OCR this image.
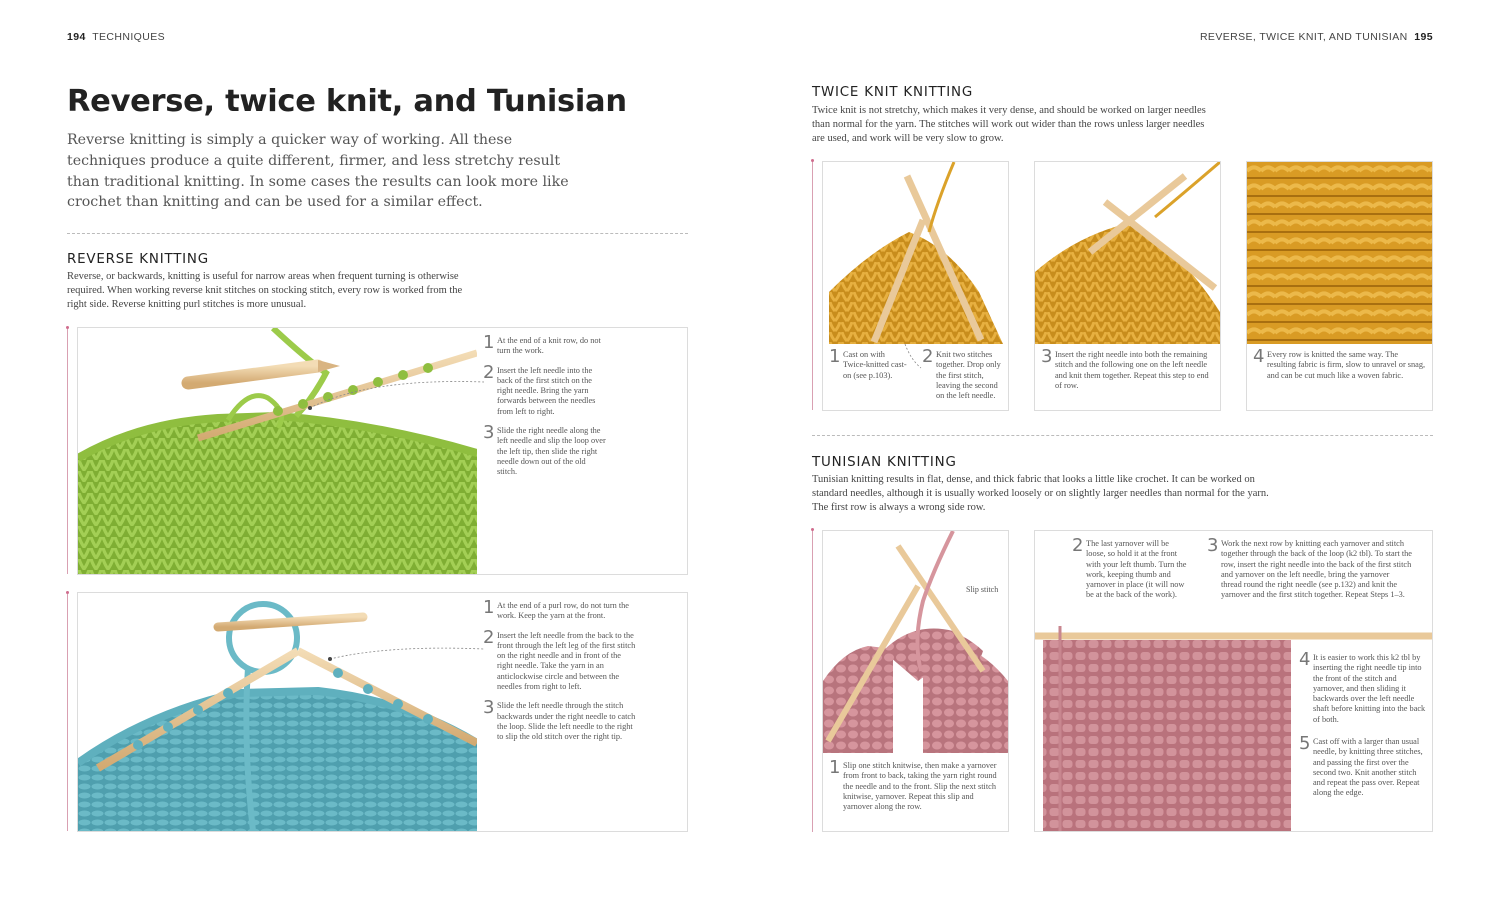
194 TECHNIQUES
Reverse, twice knit, and Tunisian
Reverse knitting is simply a quicker way of working. All these techniques produce a quite different, firmer, and less stretchy result than traditional knitting. In some cases the results can look more like crochet than knitting and can be used for a similar effect.
REVERSE KNITTING
Reverse, or backwards, knitting is useful for narrow areas when frequent turning is otherwise required. When working reverse knit stitches on stocking stitch, every row is worked from the right side. Reverse knitting purl stitches is more unusual.
1 At the end of a knit row, do not turn the work.
2 Insert the left needle into the back of the first stitch on the right needle. Bring the yarn forwards between the needles from left to right.
3 Slide the right needle along the left needle and slip the loop over the left tip, then slide the right needle down out of the old stitch.
1 At the end of a purl row, do not turn the work. Keep the yarn at the front.
2 Insert the left needle from the back to the front through the left leg of the first stitch on the right needle and in front of the right needle. Take the yarn in an anticlockwise circle and between the needles from right to left.
3 Slide the left needle through the stitch backwards under the right needle to catch the loop. Slide the left needle to the right to slip the old stitch over the right tip.
REVERSE, TWICE KNIT, AND TUNISIAN 195
TWICE KNIT KNITTING
Twice knit is not stretchy, which makes it very dense, and should be worked on larger needles than normal for the yarn. The stitches will work out wider than the rows unless larger needles are used, and work will be very slow to grow.
1 Cast on with Twice-knitted cast-on (see p.103).
2 Knit two stitches together. Drop only the first stitch, leaving the second on the left needle.
3 Insert the right needle into both the remaining stitch and the following one on the left needle and knit them together. Repeat this step to end of row.
4 Every row is knitted the same way. The resulting fabric is firm, slow to unravel or snag, and can be cut much like a woven fabric.
TUNISIAN KNITTING
Tunisian knitting results in flat, dense, and thick fabric that looks a little like crochet. It can be worked on standard needles, although it is usually worked loosely or on slightly larger needles than normal for the yarn. The first row is always a wrong side row.
Slip stitch
1 Slip one stitch knitwise, then make a yarnover from front to back, taking the yarn right round the needle and to the front. Slip the next stitch knitwise, yarnover. Repeat this slip and yarnover along the row.
2 The last yarnover will be loose, so hold it at the front with your left thumb. Turn the work, keeping thumb and yarnover in place (it will now be at the back of the work).
3 Work the next row by knitting each yarnover and stitch together through the back of the loop (k2 tbl). To start the row, insert the right needle into the back of the first stitch and yarnover on the left needle, bring the yarnover thread round the right needle (see p.132) and knit the yarnover and the first stitch together. Repeat Steps 1–3.
4 It is easier to work this k2 tbl by inserting the right needle tip into the front of the stitch and yarnover, and then sliding it backwards over the left needle shaft before knitting into the back of both.
5 Cast off with a larger than usual needle, by knitting three stitches, and passing the first over the second two. Knit another stitch and repeat the pass over. Repeat along the edge.
